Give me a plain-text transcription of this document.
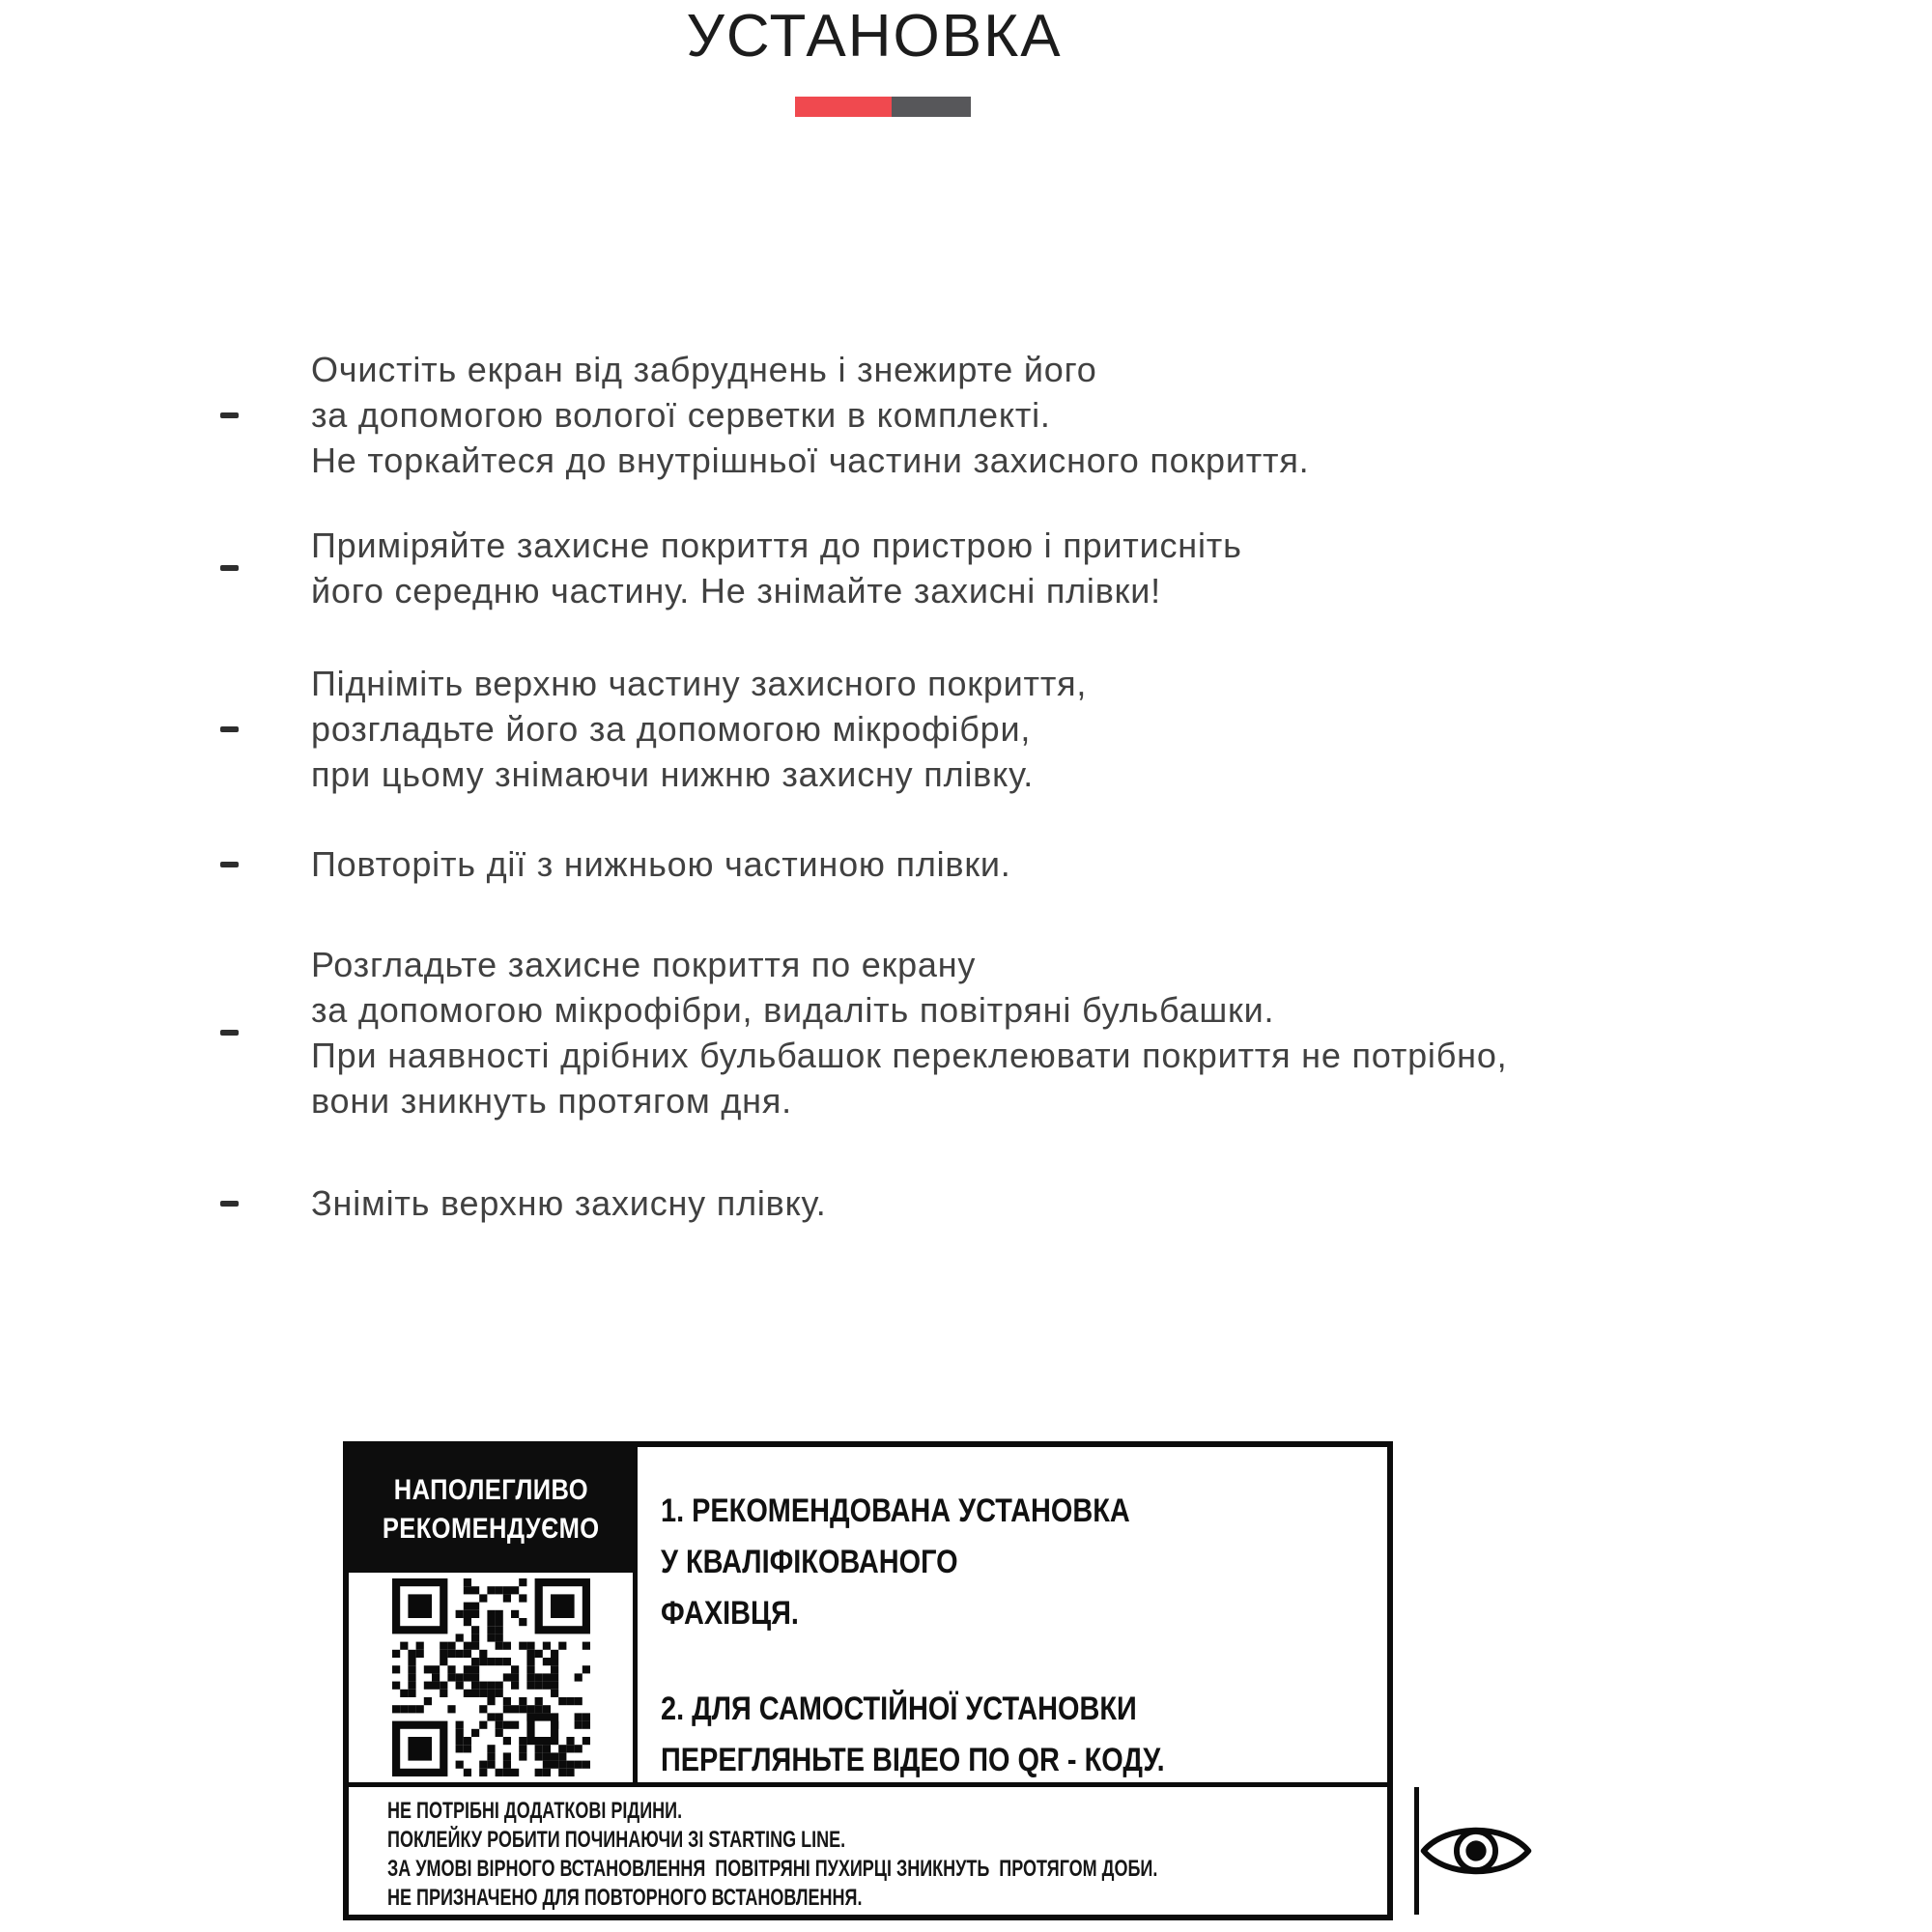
УСТАНОВКА
Очистіть екран від забруднень і знежирте його
за допомогою вологої серветки в комплекті.
Не торкайтеся до внутрішньої частини захисного покриття.
Приміряйте захисне покриття до пристрою і притисніть
його середню частину. Не знімайте захисні плівки!
Підніміть верхню частину захисного покриття,
розгладьте його за допомогою мікрофібри,
при цьому знімаючи нижню захисну плівку.
Повторіть дії з нижньою частиною плівки.
Розгладьте захисне покриття по екрану
за допомогою мікрофібри, видаліть повітряні бульбашки.
При наявності дрібних бульбашок переклеювати покриття не потрібно,
вони зникнуть протягом дня.
Зніміть верхню захисну плівку.
НАПОЛЕГЛИВО
РЕКОМЕНДУЄМО 1. РЕКОМЕНДОВАНА УСТАНОВКА
У КВАЛІФІКОВАНОГО
ФАХІВЦЯ.
2. ДЛЯ САМОСТІЙНОЇ УСТАНОВКИ
ПЕРЕГЛЯНЬТЕ ВІДЕО ПО QR - КОДУ.
НЕ ПОТРІБНІ ДОДАТКОВІ РІДИНИ.
ПОКЛЕЙКУ РОБИТИ ПОЧИНАЮЧИ ЗІ STARTING LINE.
ЗА УМОВІ ВІРНОГО ВСТАНОВЛЕННЯ  ПОВІТРЯНІ ПУХИРЦІ ЗНИКНУТЬ  ПРОТЯГОМ ДОБИ.
НЕ ПРИЗНАЧЕНО ДЛЯ ПОВТОРНОГО ВСТАНОВЛЕННЯ.
